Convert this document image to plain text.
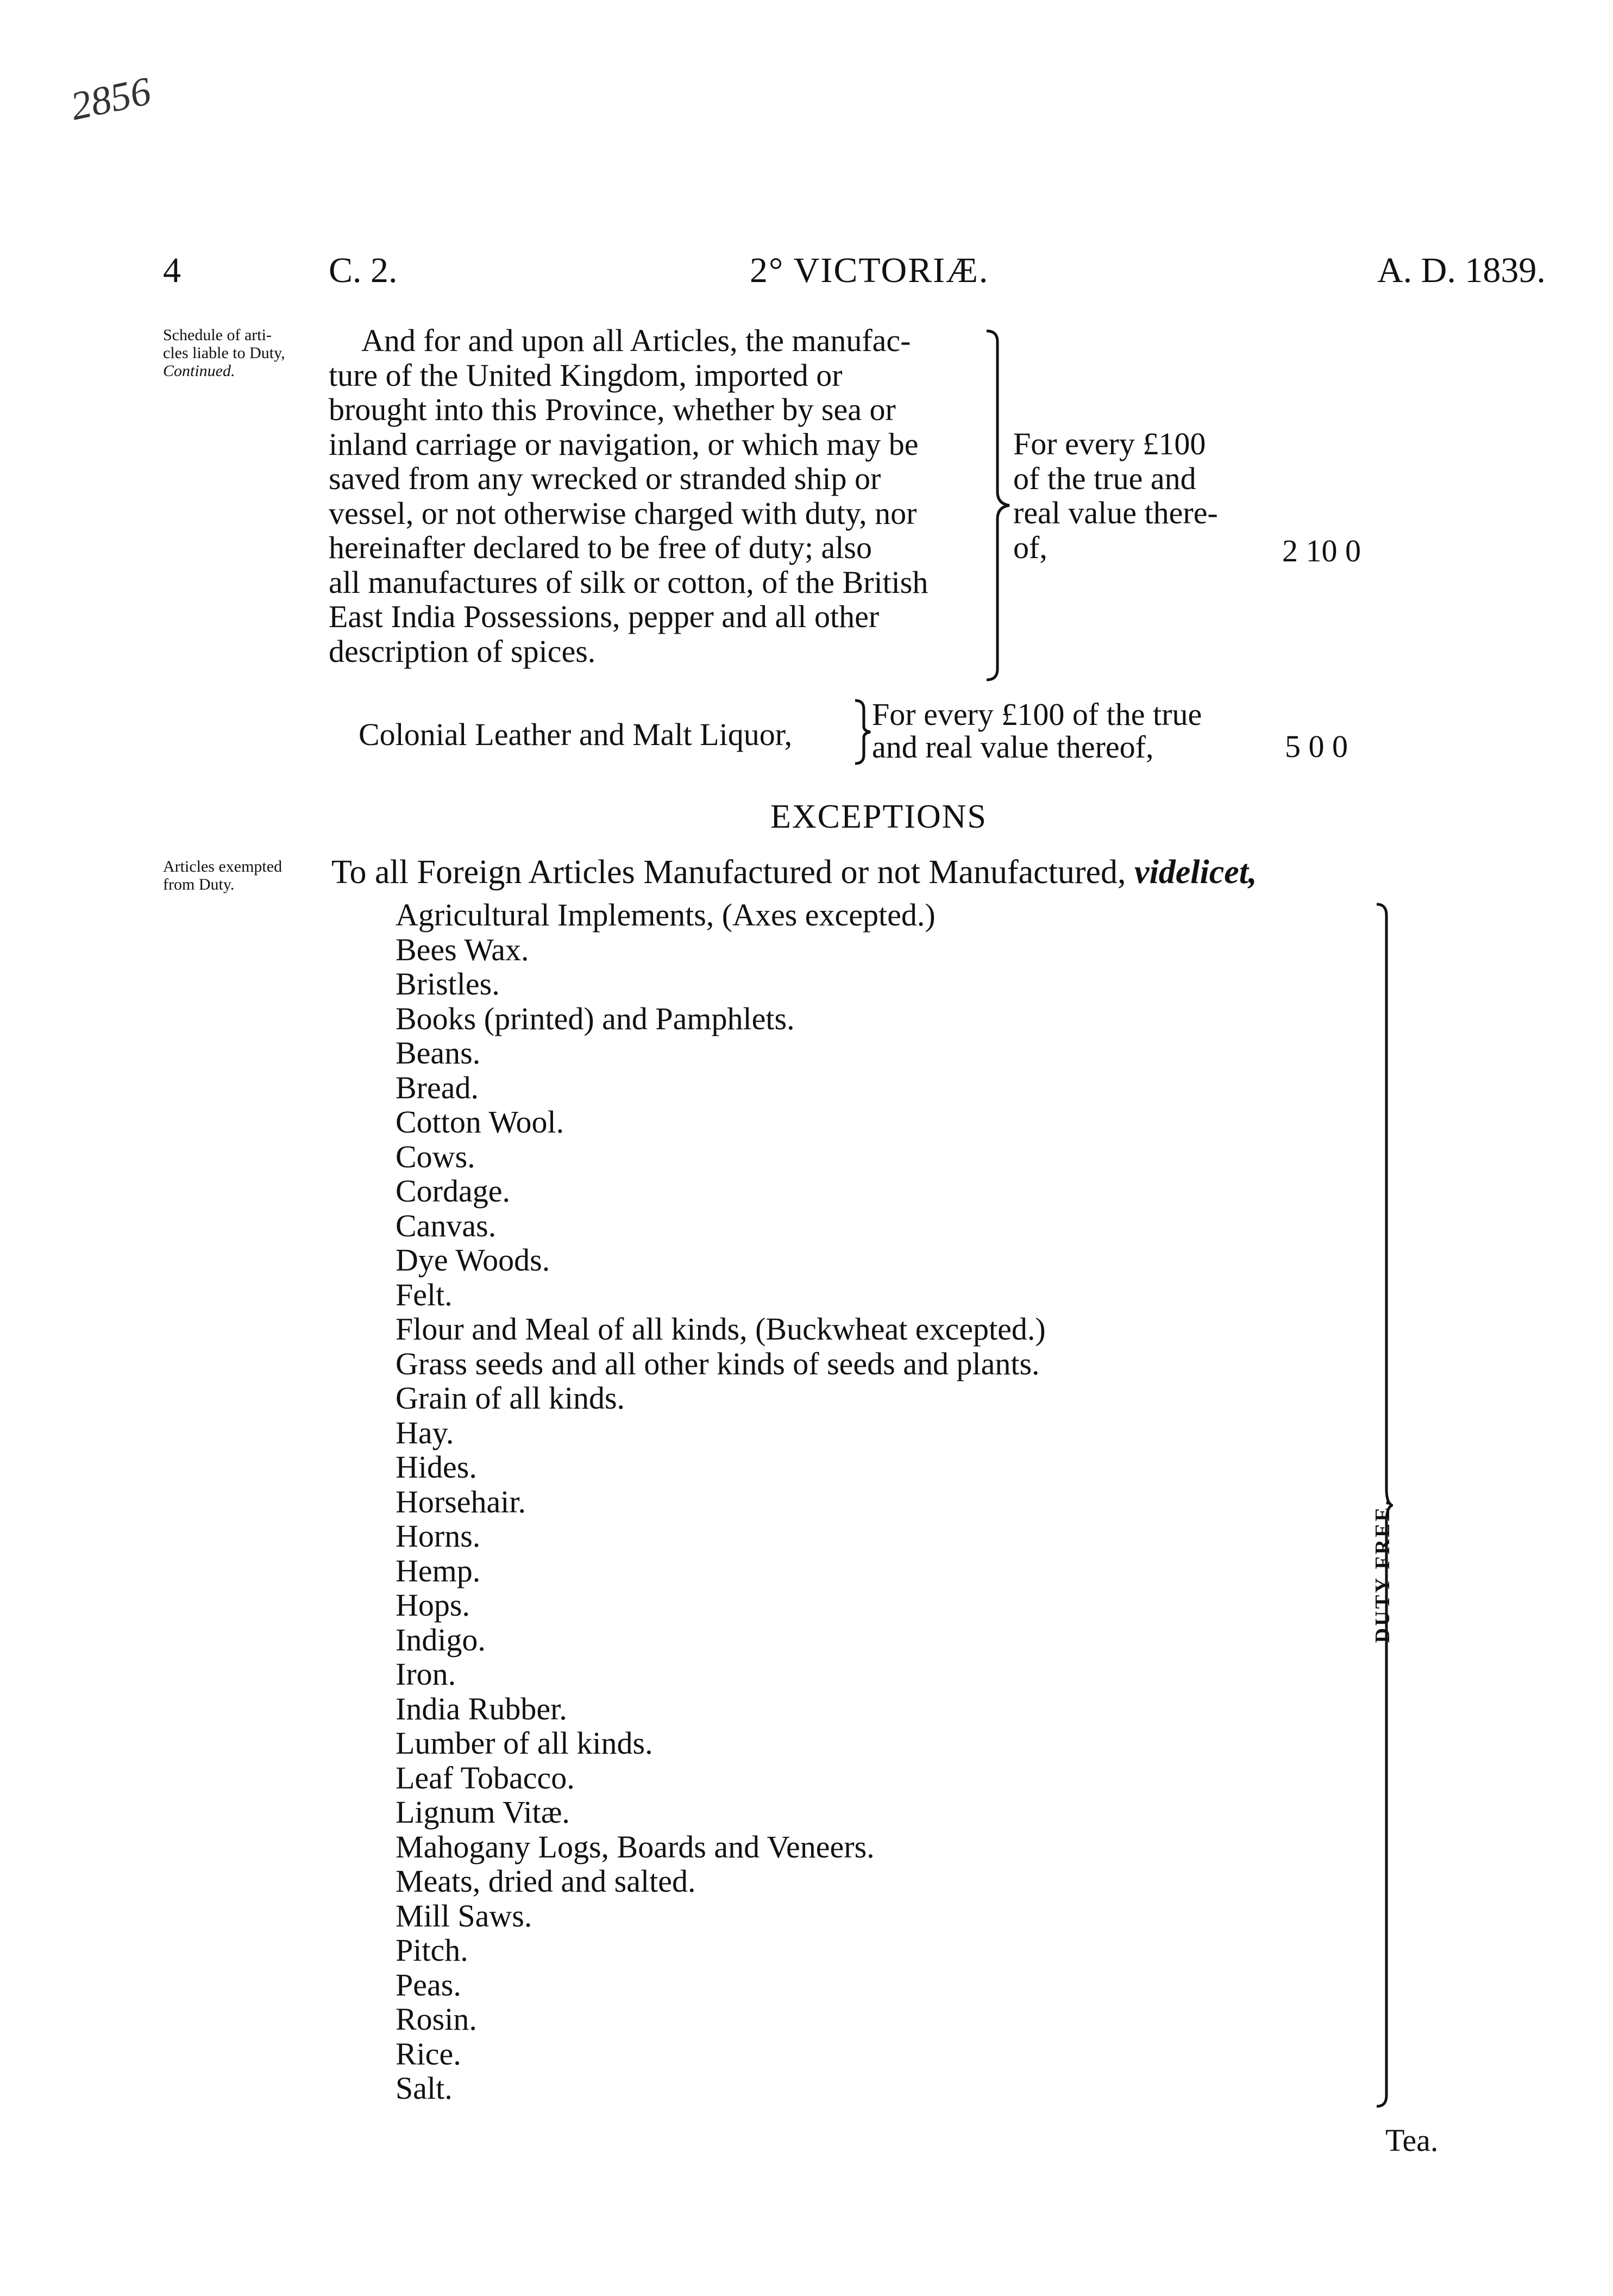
2856
4	C. 2.	2° VICTORIÆ.	A. D. 1839.
Schedule of arti-
cles liable to Duty,
Continued.
And for and upon all Articles, the manufac-
ture of the United Kingdom, imported or
brought into this Province, whether by sea or
inland carriage or navigation, or which may be
saved from any wrecked or stranded ship or
vessel, or not otherwise charged with duty, nor
hereinafter declared to be free of duty; also
all manufactures of silk or cotton, of the British
East India Possessions, pepper and all other
description of spices.
For every £100
of the true and
real value there-
of,	2 10 0
Colonial Leather and Malt Liquor,
For every £100 of the true
and real value thereof,	5 0 0
EXCEPTIONS
Articles exempted
from Duty.	To all Foreign Articles Manufactured or not Manufactured, videlicet,
Agricultural Implements, (Axes excepted.)
Bees Wax.
Bristles.
Books (printed) and Pamphlets.
Beans.
Bread.
Cotton Wool.
Cows.
Cordage.
Canvas.
Dye Woods.
Felt.
Flour and Meal of all kinds, (Buckwheat excepted.)
Grass seeds and all other kinds of seeds and plants.
Grain of all kinds.
Hay.
Hides.
Horsehair.
Horns.
Hemp.
Hops.
Indigo.
Iron.
India Rubber.
Lumber of all kinds.
Leaf Tobacco.
Lignum Vitæ.
Mahogany Logs, Boards and Veneers.
Meats, dried and salted.
Mill Saws.
Pitch.
Peas.
Rosin.
Rice.
Salt.
DUTY FREE.
Tea.
